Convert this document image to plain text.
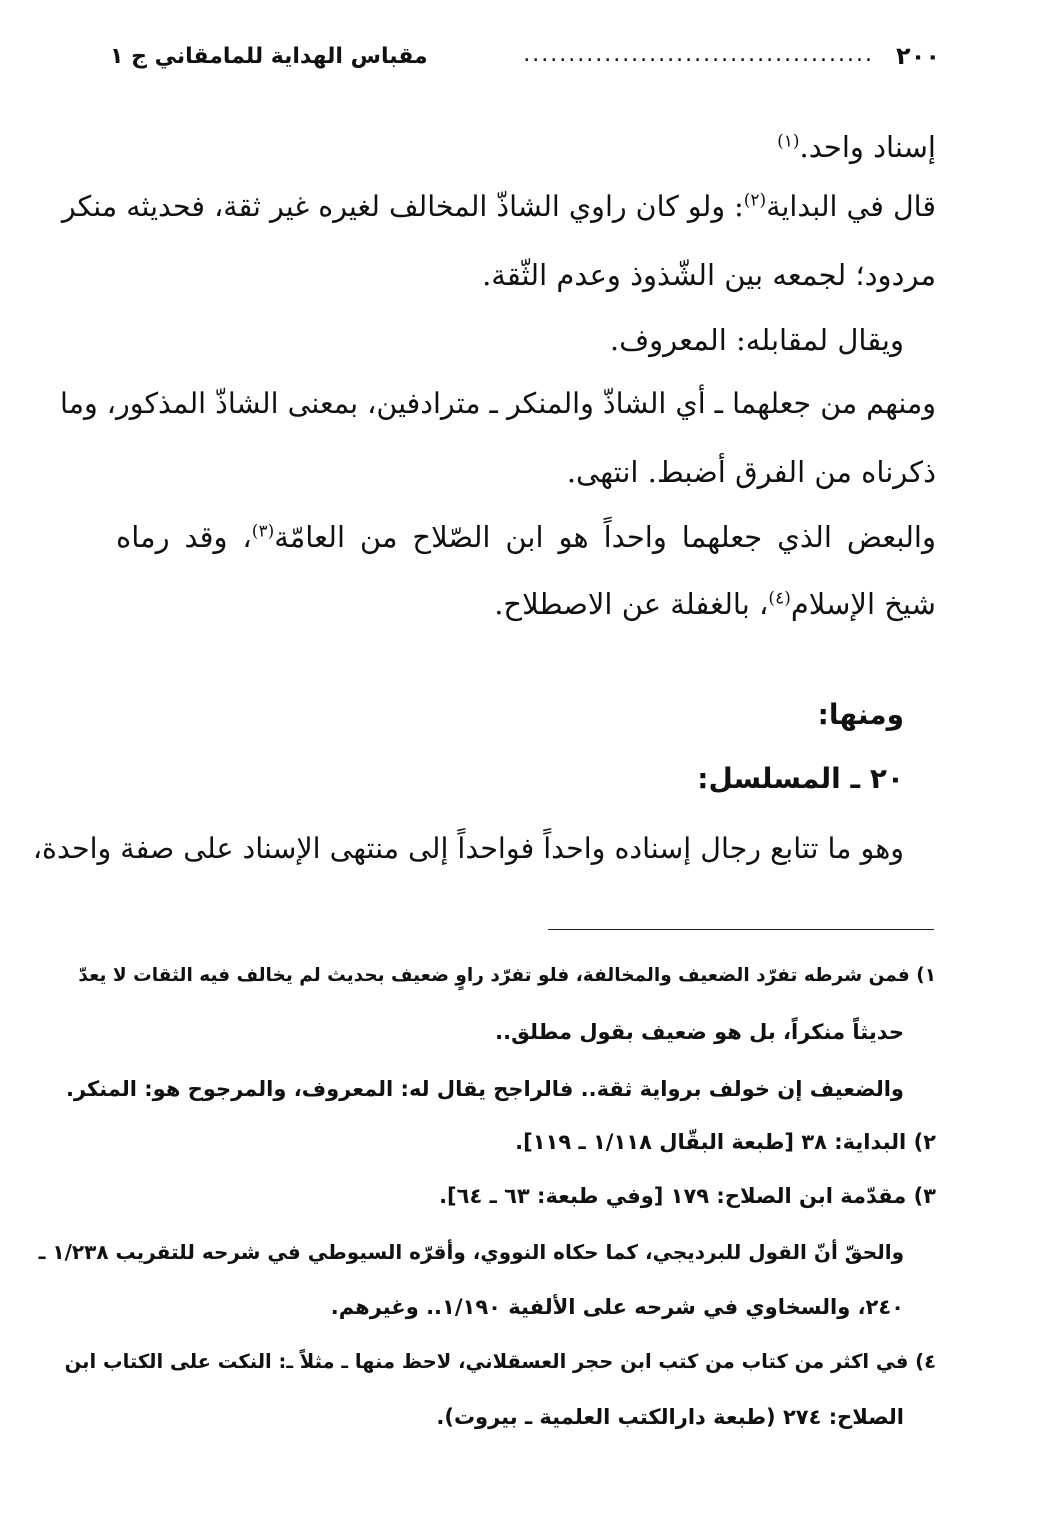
٢٠٠
.......................................
مقباس الهداية للمامقاني ج ١
إسناد واحد.$^{(١)}$
قال في البداية$^{(٢)}$: ولو كان راوي الشاذّ المخالف لغيره غير ثقة، فحديثه منكر
مردود؛ لجمعه بين الشّذوذ وعدم الثّقة.
ويقال لمقابله: المعروف.
ومنهم من جعلهما ـ أي الشاذّ والمنكر ـ مترادفين، بمعنى الشاذّ المذكور، وما
ذكرناه من الفرق أضبط. انتهى.
والبعض الذي جعلهما واحداً هو ابن الصّلاح من العامّة$^{(٣)}$، وقد رماه
شيخ الإسلام$^{(٤)}$، بالغفلة عن الاصطلاح.
ومنها:
٢٠ ـ المسلسل:
وهو ما تتابع رجال إسناده واحداً فواحداً إلى منتهى الإسناد على صفة واحدة،
١) فمن شرطه تفرّد الضعيف والمخالفة، فلو تفرّد راوٍ ضعيف بحديث لم يخالف فيه الثقات لا يعدّ
حديثاً منكراً، بل هو ضعيف بقول مطلق..
والضعيف إن خولف برواية ثقة.. فالراجح يقال له: المعروف، والمرجوح هو: المنكر.
٢) البداية: ٣٨ [طبعة البقّال ١/١١٨ ـ ١١٩].
٣) مقدّمة ابن الصلاح: ١٧٩ [وفي طبعة: ٦٣ ـ ٦٤].
والحقّ أنّ القول للبرديجي، كما حكاه النووي، وأقرّه السيوطي في شرحه للتقريب ١/٢٣٨ ـ
٢٤٠، والسخاوي في شرحه على الألفية ١/١٩٠.. وغيرهم.
٤) في اكثر من كتاب من كتب ابن حجر العسقلاني، لاحظ منها ـ مثلاً ـ: النكت على الكتاب ابن
الصلاح: ٢٧٤ (طبعة دارالكتب العلمية ـ بيروت).
